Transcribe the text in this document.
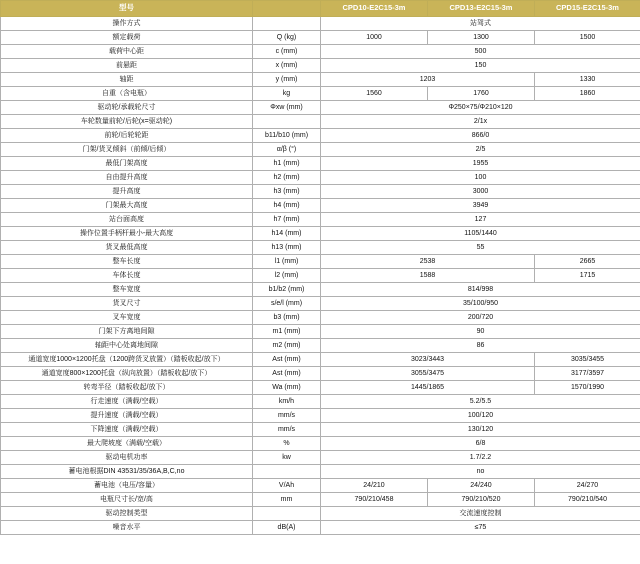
型号		CPD10-E2C15-3m	CPD13-E2C15-3m	CPD15-E2C15-3m
操作方式		站驾式		
额定载荷	Q (kg)	1000	1300	1500
载荷中心距	c (mm)	500		
前悬距	x (mm)	150		
轴距	y (mm)	1203		1330
自重（含电瓶）	kg	1560	1760	1860
驱动轮/承载轮尺寸	Φxw (mm)	Φ250×75/Φ210×120		
车轮数量前轮/后轮(x=驱动轮)		2/1x		
前轮/后轮轮距	b11/b10 (mm)	866/0		
门架/货叉倾斜（前倾/后倾）	α/β (°)	2/5		
最低门架高度	h1 (mm)	1955		
自由提升高度	h2 (mm)	100		
提升高度	h3 (mm)	3000		
门架最大高度	h4 (mm)	3949		
站台面高度	h7 (mm)	127		
操作位置手柄杆最小-最大高度	h14 (mm)	1105/1440		
货叉最低高度	h13 (mm)	55		
整车长度	l1 (mm)	2538		2665
车体长度	l2 (mm)	1588		1715
整车宽度	b1/b2 (mm)	814/998		
货叉尺寸	s/e/l (mm)	35/100/950		
叉车宽度	b3 (mm)	200/720		
门架下方离地间隙	m1 (mm)	90		
轴距中心处离地间隙	m2 (mm)	86		
通道宽度1000×1200托盘（1200跨货叉放置）（踏板收起/放下）	Ast (mm)	3023/3443		3035/3455
通道宽度800×1200托盘（纵向放置）（踏板收起/放下）	Ast (mm)	3055/3475		3177/3597
转弯半径（踏板收起/放下）	Wa (mm)	1445/1865		1570/1990
行走速度（满载/空载）	km/h	5.2/5.5		
提升速度（满载/空载）	mm/s	100/120		
下降速度（满载/空载）	mm/s	130/120		
最大爬坡度（满载/空载）	%	6/8		
驱动电机功率	kw	1.7/2.2		
蓄电池根据DIN 43531/35/36A,B,C,no		no		
蓄电池（电压/容量）	V/Ah	24/210	24/240	24/270
电瓶尺寸长/宽/高	mm	790/210/458	790/210/520	790/210/540
驱动控制类型		交流速度控制		
噪音水平	dB(A)	≤75		
